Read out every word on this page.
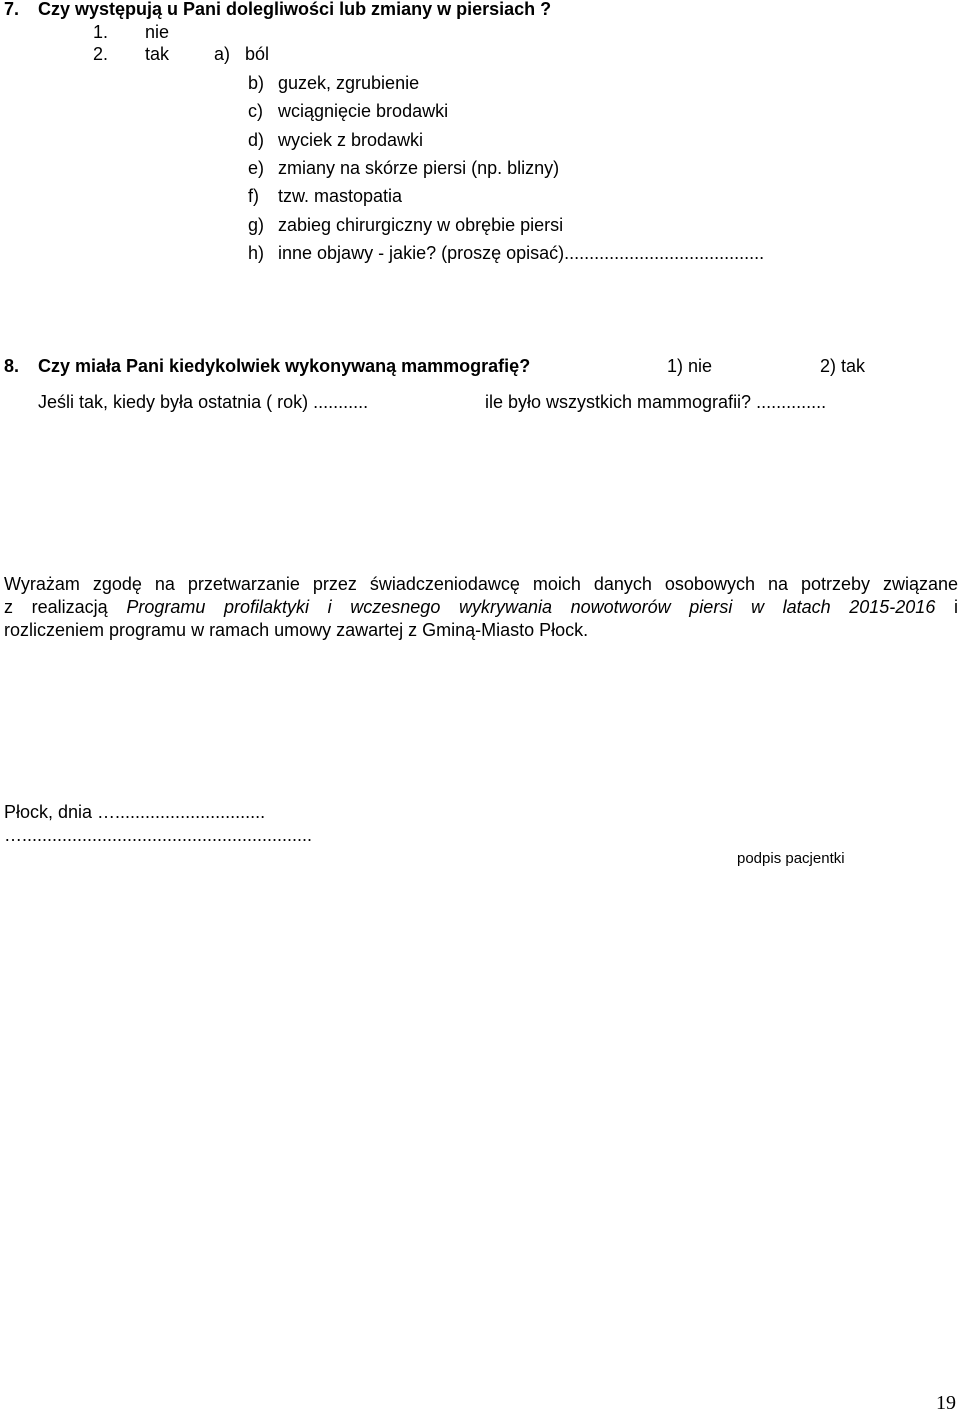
7. Czy występują u Pani dolegliwości lub zmiany w piersiach ?
1. nie
2. tak a) ból
b) guzek, zgrubienie
c) wciągnięcie brodawki
d) wyciek z brodawki
e) zmiany na skórze piersi (np. blizny)
f) tzw. mastopatia
g) zabieg chirurgiczny w obrębie piersi
h) inne objawy - jakie? (proszę opisać)........................................
8. Czy miała Pani kiedykolwiek wykonywaną mammografię?	1) nie	2) tak
Jeśli tak, kiedy była ostatnia ( rok) ...........	ile było wszystkich mammografii? ..............
Wyrażam zgodę na przetwarzanie przez świadczeniodawcę moich danych osobowych na potrzeby związane
z realizacją Programu profilaktyki i wczesnego wykrywania nowotworów piersi w latach 2015-2016 i
rozliczeniem programu w ramach umowy zawartej z Gminą-Miasto Płock.
Płock, dnia …..............................
…..........................................................
podpis pacjentki
19
